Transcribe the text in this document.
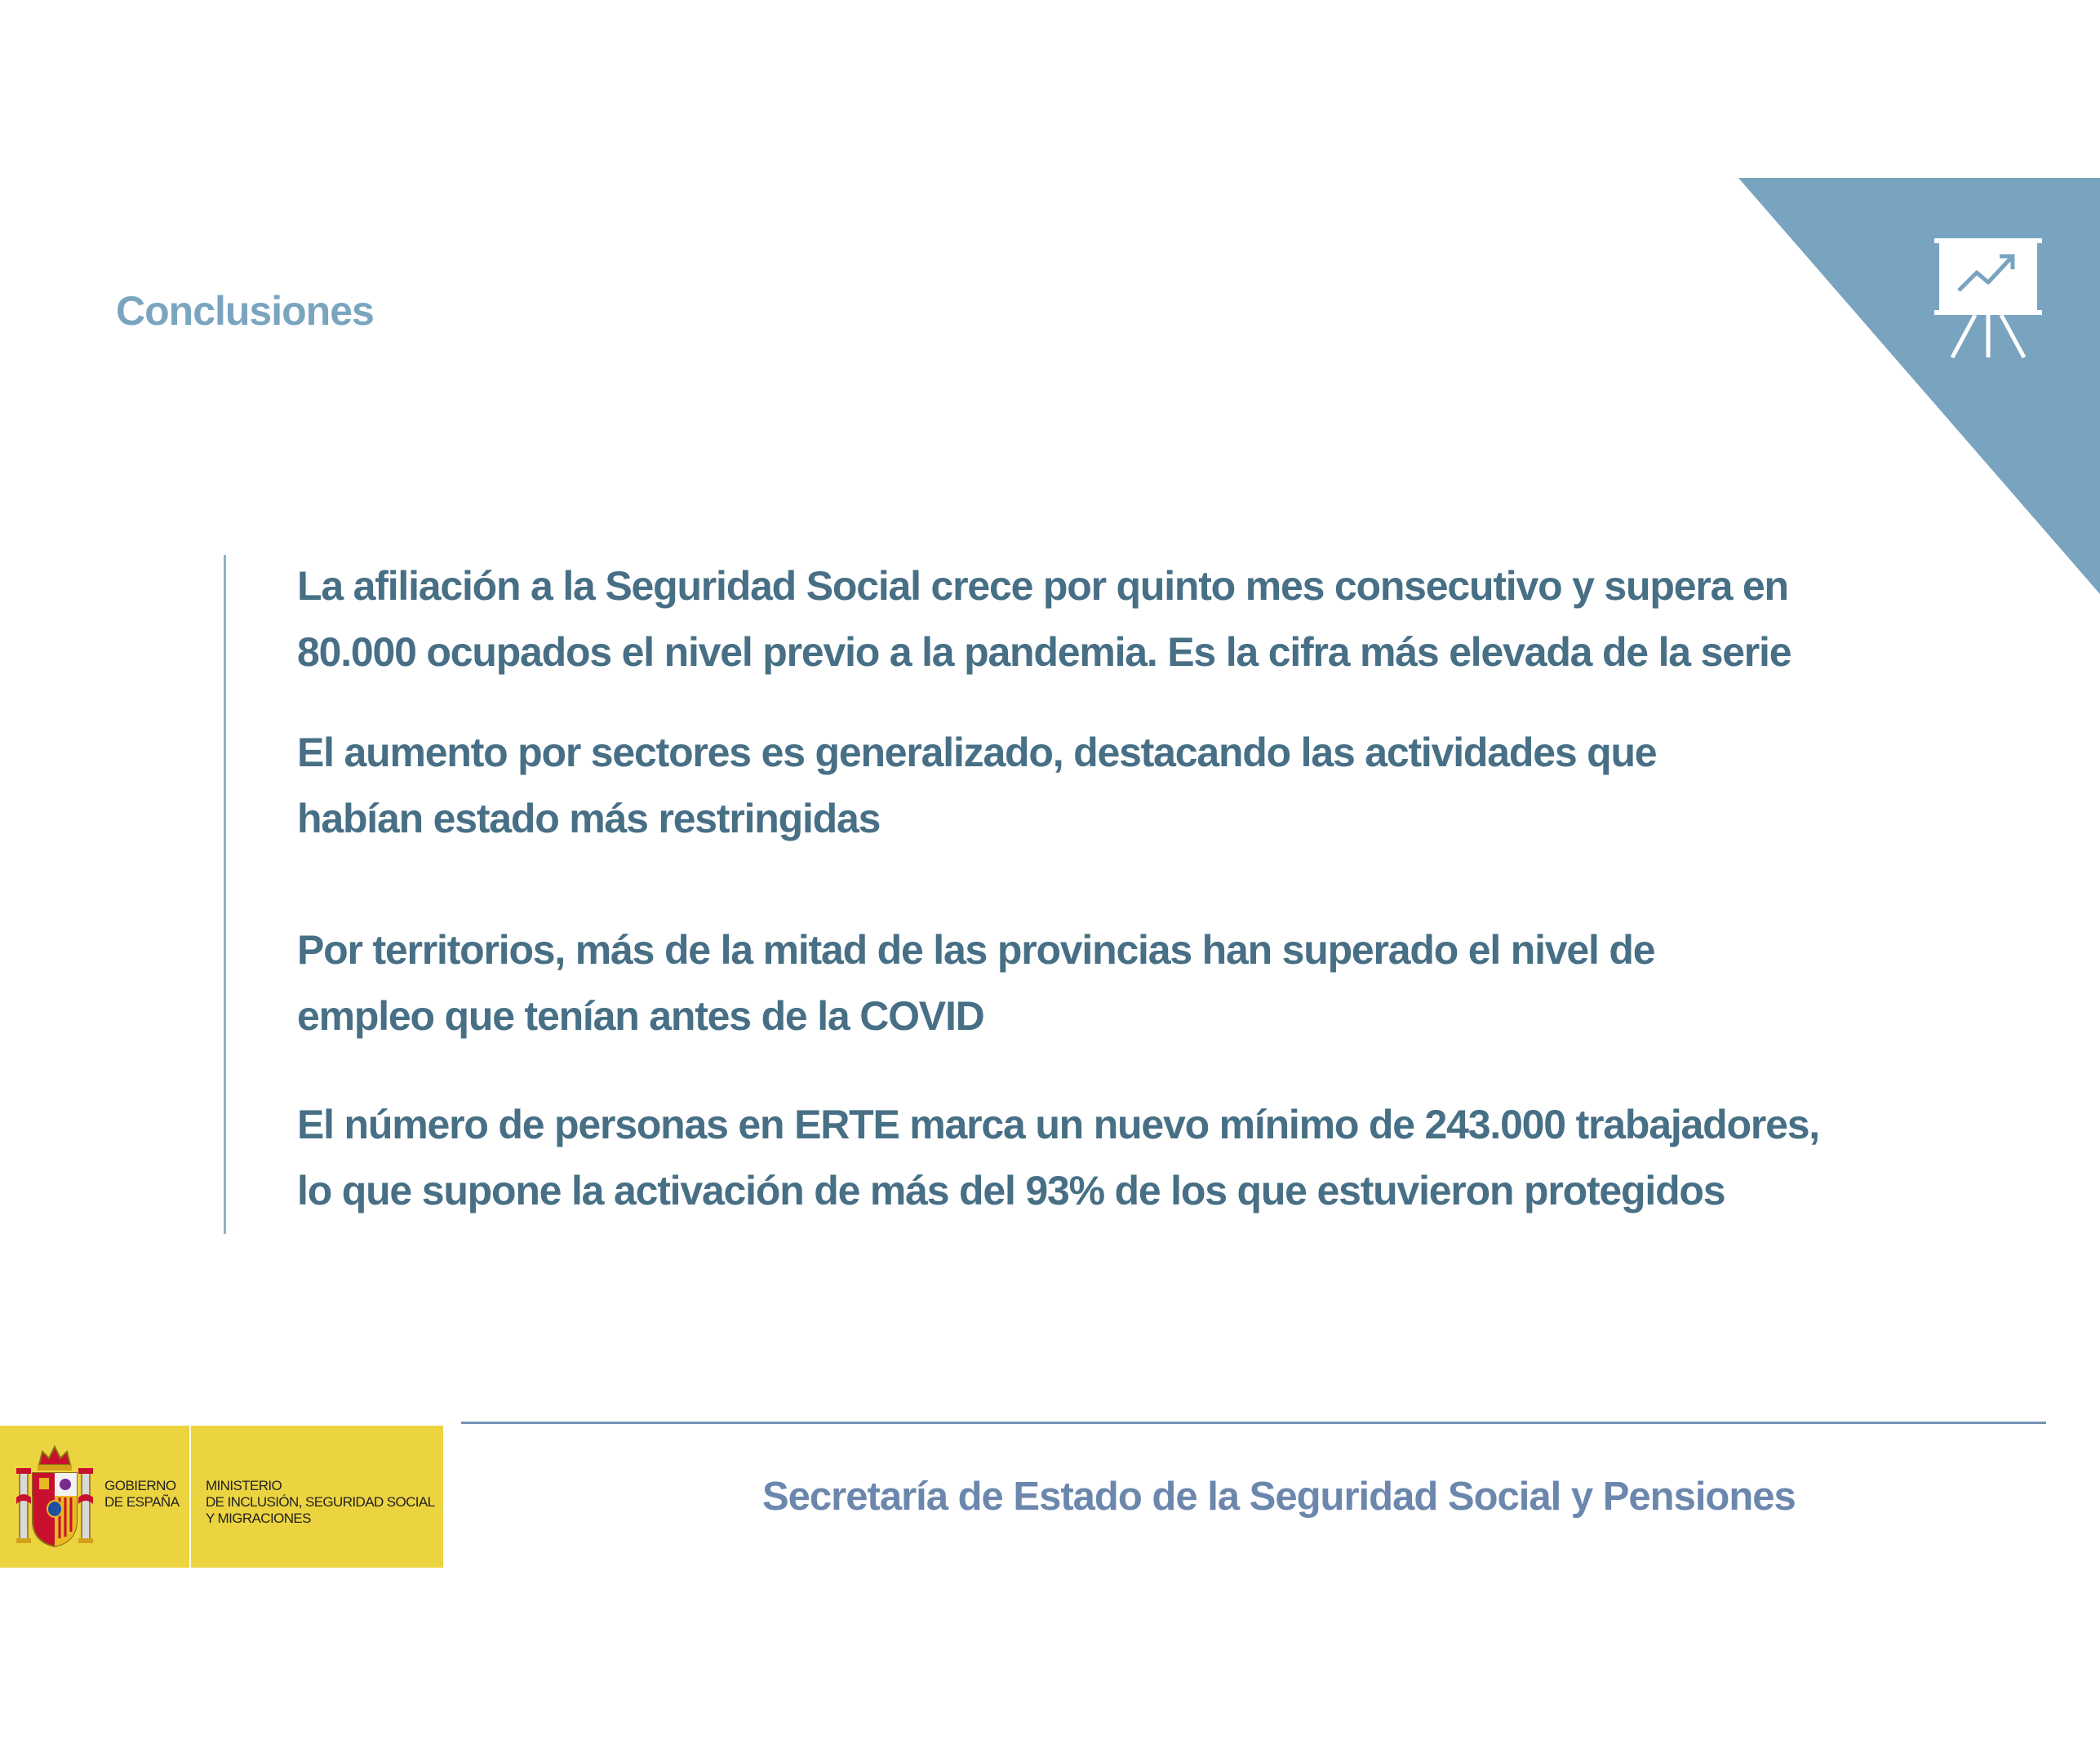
Conclusiones

La afiliación a la Seguridad Social crece por quinto mes consecutivo y supera en
80.000 ocupados el nivel previo a la pandemia. Es la cifra más elevada de la serie

El aumento por sectores es generalizado, destacando las actividades que
habían estado más restringidas

Por territorios, más de la mitad de las provincias han superado el nivel de
empleo que tenían antes de la COVID

El número de personas en ERTE marca un nuevo mínimo de 243.000 trabajadores,
lo que supone la activación de más del 93% de los que estuvieron protegidos

GOBIERNO
DE ESPAÑA
MINISTERIO
DE INCLUSIÓN, SEGURIDAD SOCIAL
Y MIGRACIONES	Secretaría de Estado de la Seguridad Social y Pensiones
